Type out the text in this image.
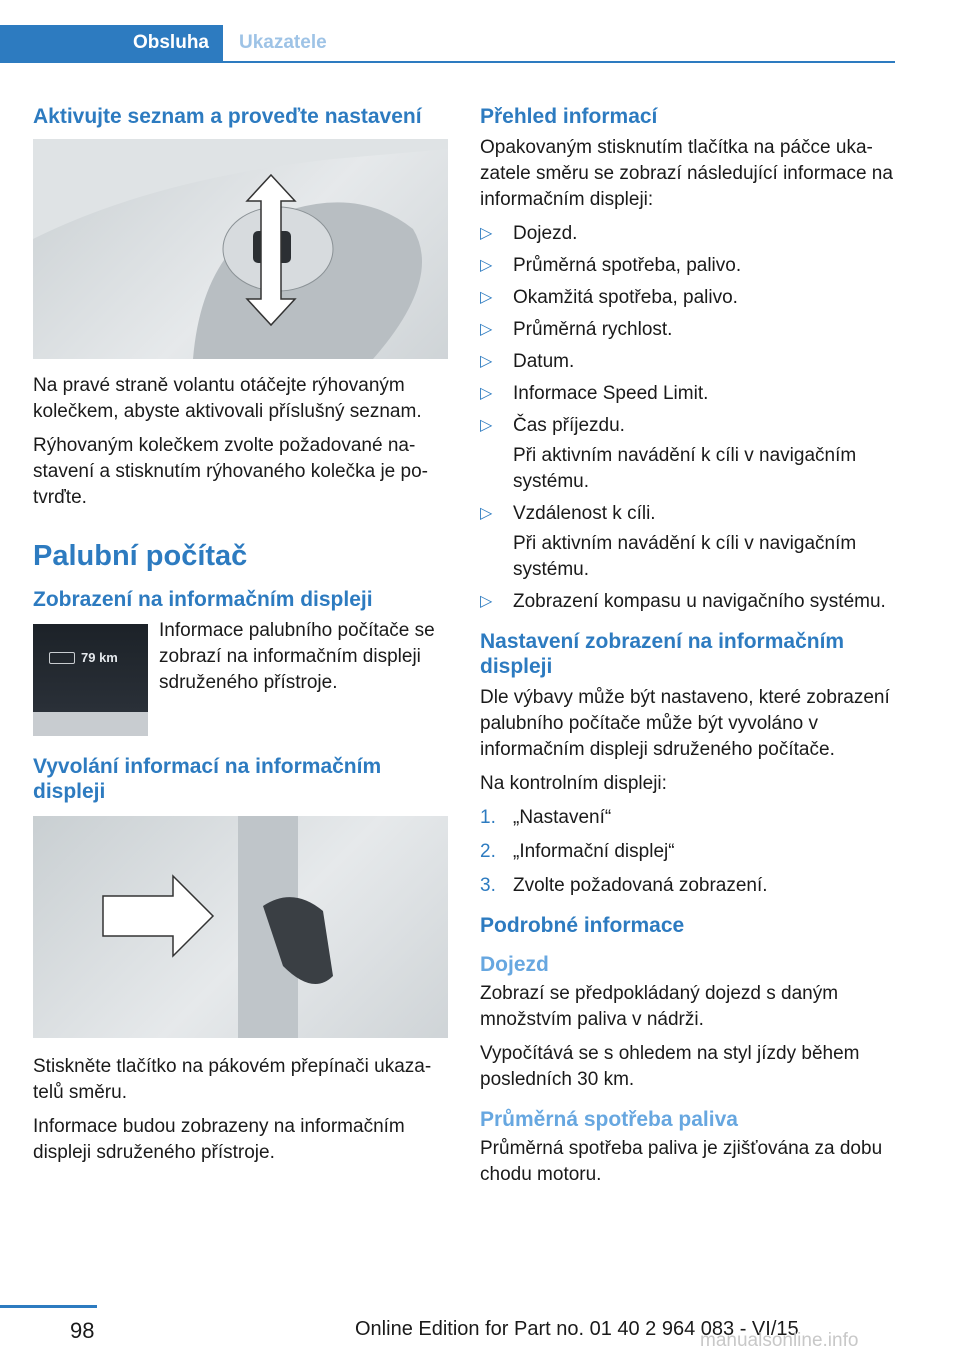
Obsluha Ukazatele
Aktivujte seznam a proveďte nastavení

Na pravé straně volantu otáčejte rýhovaným kolečkem, abyste aktivovali příslušný seznam.

Rýhovaným kolečkem zvolte požadované nastavení a stisknutím rýhovaného kolečka je potvrďte.

Palubní počítač
Zobrazení na informačním displeji
79 km

Informace palubního počítače se zobrazí na informačním displeji sdruženého přístroje.

Vyvolání informací na informačním displeji

Stiskněte tlačítko na pákovém přepínači ukazatelů směru.

Informace budou zobrazeny na informačním displeji sdruženého přístroje.

Přehled informací

Opakovaným stisknutím tlačítka na páčce ukazatele směru se zobrazí následující informace na informačním displeji:

▷ Dojezd.
▷ Průměrná spotřeba, palivo.
▷ Okamžitá spotřeba, palivo.
▷ Průměrná rychlost.
▷ Datum.
▷ Informace Speed Limit.
▷ Čas příjezdu.
Při aktivním navádění k cíli v navigačním systému.
▷ Vzdálenost k cíli.
Při aktivním navádění k cíli v navigačním systému.
▷ Zobrazení kompasu u navigačního systému.
Nastavení zobrazení na informačním displeji

Dle výbavy může být nastaveno, které zobrazení palubního počítače může být vyvoláno v informačním displeji sdruženého počítače.

Na kontrolním displeji:

1. „Nastavení“
2. „Informační displej“
3. Zvolte požadovaná zobrazení.
Podrobné informace
Dojezd

Zobrazí se předpokládaný dojezd s daným množstvím paliva v nádrži.

Vypočítává se s ohledem na styl jízdy během posledních 30 km.

Průměrná spotřeba paliva

Průměrná spotřeba paliva je zjišťována za dobu chodu motoru.

98	Online Edition for Part no. 01 40 2 964 083 - VI/15
manualsonline.info
